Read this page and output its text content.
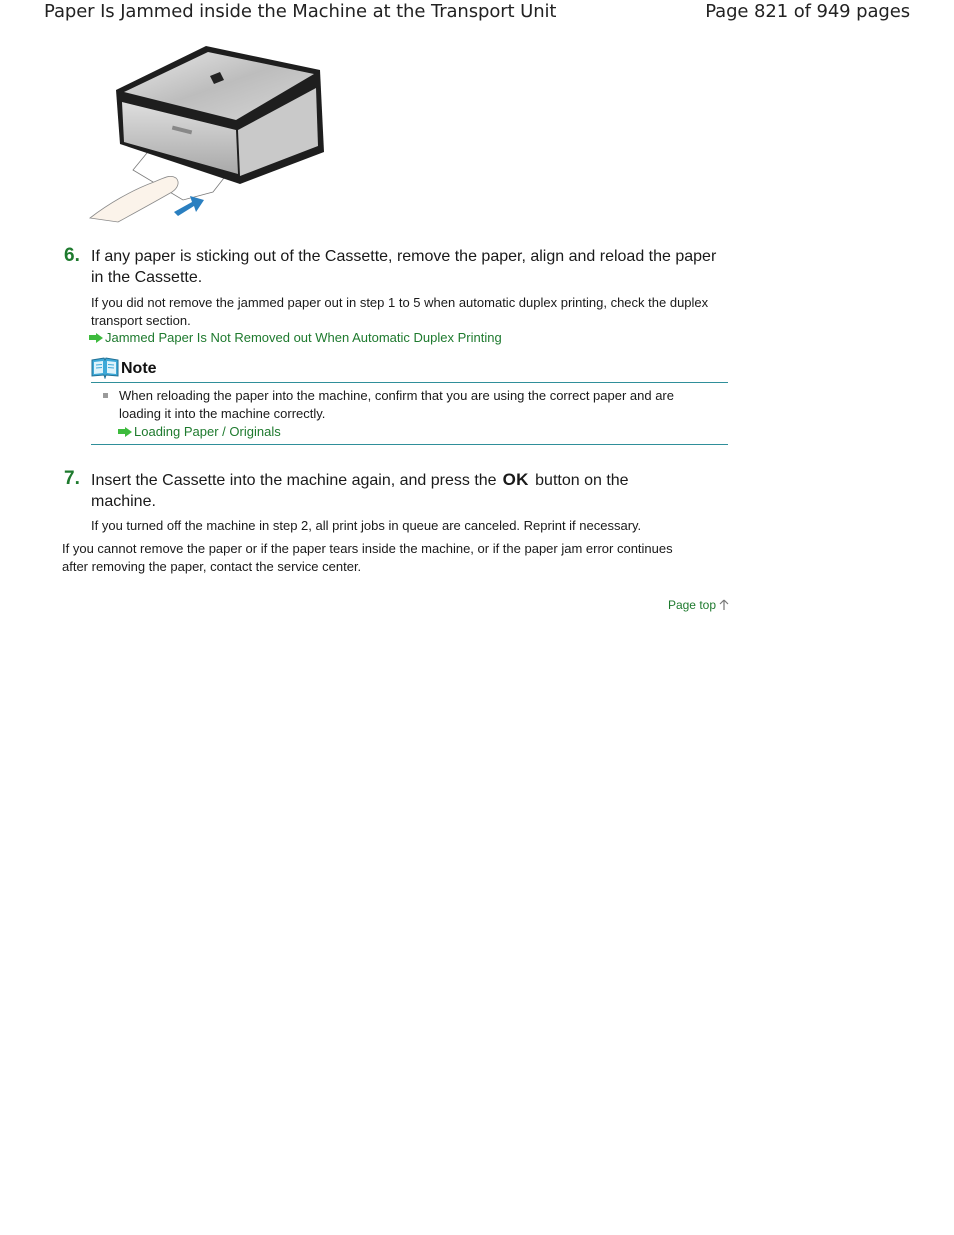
Paper Is Jammed inside the Machine at the Transport Unit	Page 821 of 949 pages
6. If any paper is sticking out of the Cassette, remove the paper, align and reload the paper in the Cassette.
If you did not remove the jammed paper out in step 1 to 5 when automatic duplex printing, check the duplex transport section.
Jammed Paper Is Not Removed out When Automatic Duplex Printing
Note
When reloading the paper into the machine, confirm that you are using the correct paper and are loading it into the machine correctly.
Loading Paper / Originals
7. Insert the Cassette into the machine again, and press the OK button on the machine.
If you turned off the machine in step 2, all print jobs in queue are canceled. Reprint if necessary.
If you cannot remove the paper or if the paper tears inside the machine, or if the paper jam error continues after removing the paper, contact the service center.
Page top
